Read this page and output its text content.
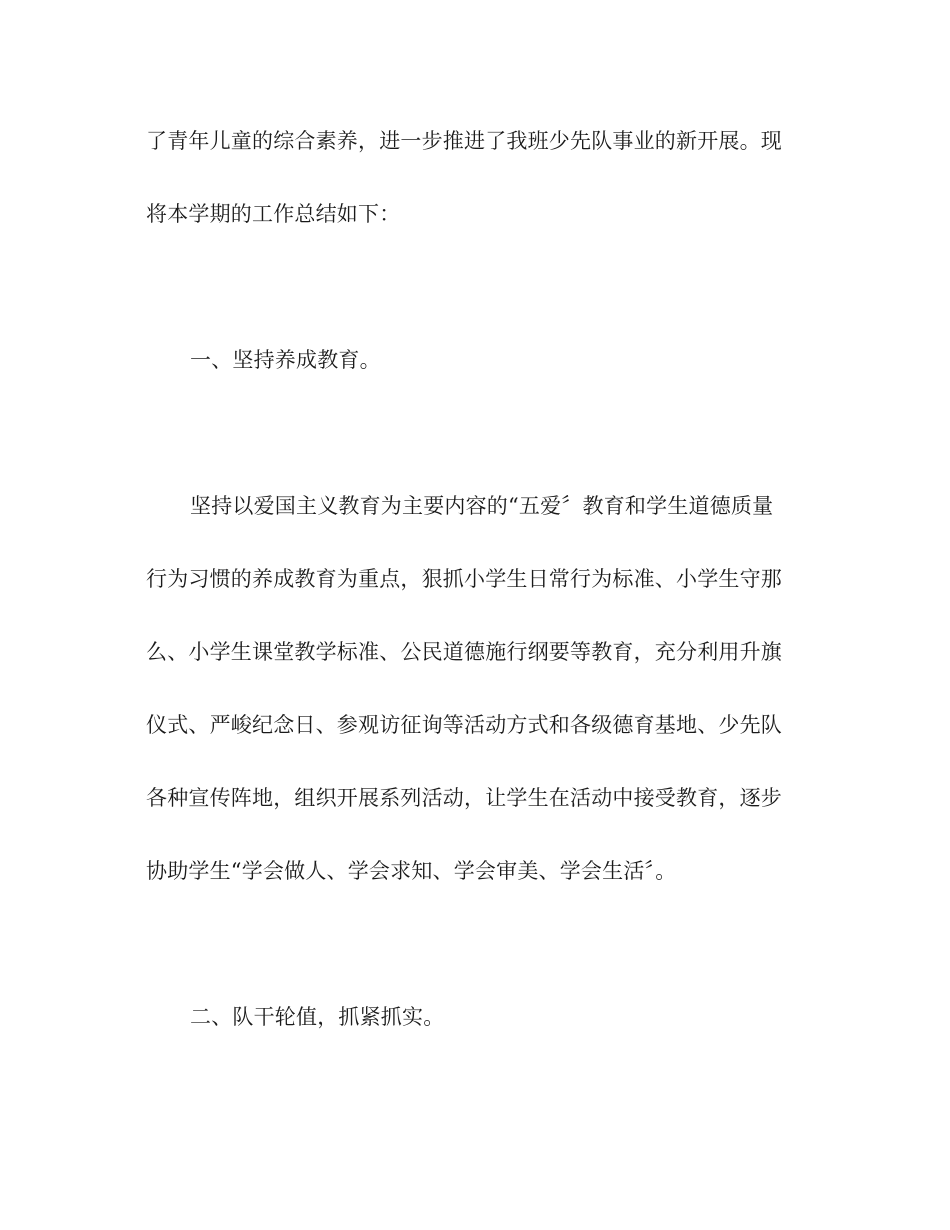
了青年儿童的综合素养，进一步推进了我班少先队事业的新开展。现
将本学期的工作总结如下：
一、坚持养成教育。
坚持以爱国主义教育为主要内容的“五爱〞教育和学生道德质量
行为习惯的养成教育为重点，狠抓小学生日常行为标准、小学生守那
么、小学生课堂教学标准、公民道德施行纲要等教育，充分利用升旗
仪式、严峻纪念日、参观访征询等活动方式和各级德育基地、少先队
各种宣传阵地，组织开展系列活动，让学生在活动中接受教育，逐步
协助学生“学会做人、学会求知、学会审美、学会生活〞。
二、队干轮值，抓紧抓实。
